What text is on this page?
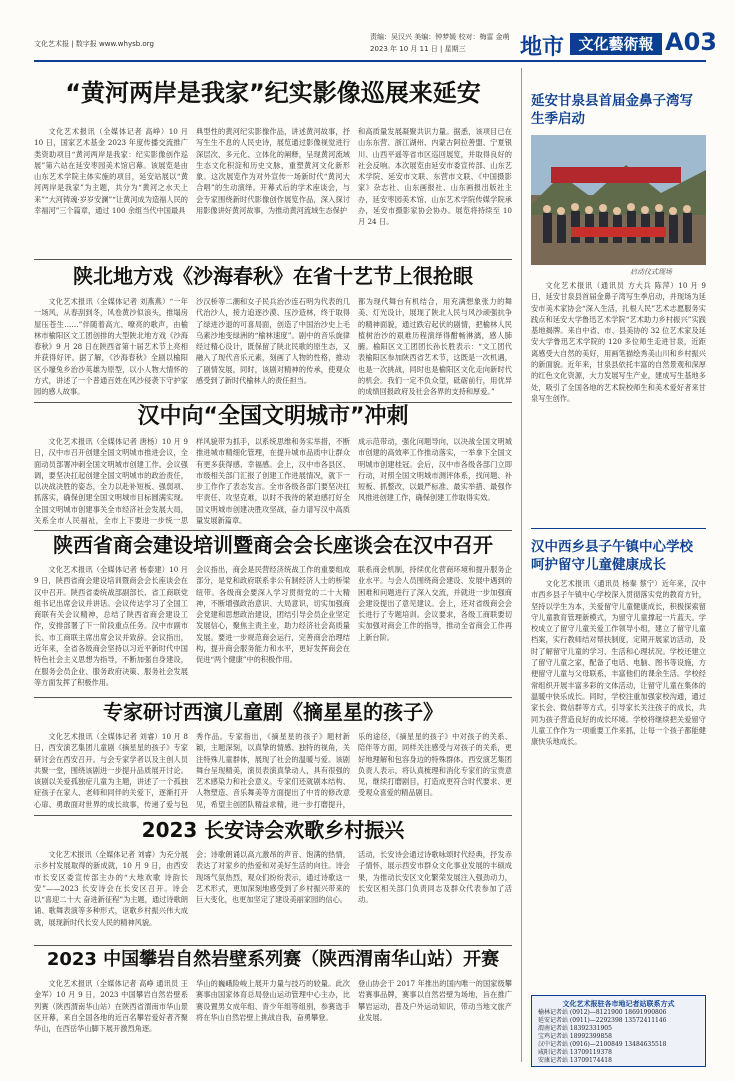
文化艺术报 | 数字报 www.whysb.org
责编：吴汉兴 美编：钟梦媛 校对：梅雷 金萌
2023 年 10 月 11 日 | 星期三 地市 文化藝術報 A03
“黄河两岸是我家”纪实影像巡展来延安
文化艺术报讯（全媒体记者 高峥）10 月 10 日，国家艺术基金 2023 年度传播交流推广类资助项目“黄河两岸是我家：纪实影像创作巡展”第六站在延安枣园美术馆启幕。该展览是由山东艺术学院主体实施的项目，延安站展以“黄河两岸是我家”为主题，共分为“黄河之水天上来”“大河铸魂·岁岁安澜”“让黄河成为造福人民的幸福河”三个篇章，通过 100 余组当代中国最具
典型性的黄河纪实影像作品，讲述黄河故事，抒写生生不息的人民史诗，展览通过影像视觉进行深层次、多元化、立体化的阐释，呈现黄河流域生态文化积淀和历史文脉，重塑黄河文化新形象。这次展览作为对外宣传一场新时代“黄河大合唱”的生动演绎。开幕式后的学术座谈会，与会专家围绕新时代影像创作展览作品，深入探讨用影像讲好黄河故事，为推动黄河流域生态保护
和高质量发展凝聚共识力量。据悉，该项目已在山东东营、浙江湖州、内蒙古阿拉善盟、宁夏银川、山西平遥等省市区巡回展览，并取得良好的社会反响。本次展览由延安市委宣传部、山东艺术学院、延安市文联、东营市文联、《中国摄影家》杂志社、山东画报社、山东画报出版社主办，延安枣园美术馆、山东艺术学院传媒学院承办，延安市摄影家协会协办。展览将持续至 10 月 24 日。
陕北地方戏《沙海春秋》在省十艺节上很抢眼
文化艺术报讯（全媒体记者 刘燕燕）“一年一场风，从春刮到冬，风卷黄沙似浪头，推塌房屋压苍生……”伴随着高亢、嘹亮的歌声，由榆林市榆阳区文工团创排的大型陕北地方戏《沙海春秋》9 月 28 日在陕西省第十届艺术节上亮相并获得好评。据了解，《沙海春秋》全剧以榆阳区小壕兔乡治沙英雄为原型，以小人物大情怀的方式，讲述了一个普通百姓在风沙侵袭下守护家园的感人故事。
沙汉桥等二潮和女子民兵治沙连石明为代表的几代治沙人，接力追逐沙漠、压沙造林，终于取得了绿进沙退的可喜局面，创造了中国治沙史上毛乌素沙地变绿洲的“榆林速度”。剧中的音乐旋律经过精心设计，既保留了陕北民歌的原生态，又融入了现代音乐元素，刻画了人物的性格，推动了剧情发展，同时，该剧对精神的传承，使观众感受到了新时代榆林人的责任担当。
都为现代舞台有机结合，用充满想象张力的舞美、灯光设计，展现了陕北人民与风沙顽强抗争的精神面貌，通过跌宕起伏的剧情，把榆林人民植树治沙的艰难历程演绎得酣畅淋漓，感人肺腑。榆阳区文工团团长孙长胜表示：“文工团代表榆阳区参加陕西省艺术节，这既是一次机遇，也是一次挑战，同时也是榆阳区文化走向新时代的机会。我们一定不负众望，砥砺前行，用优异的成绩回报政府及社会各界的支持和厚爱。”
汉中向“全国文明城市”冲刺
文化艺术报讯（全媒体记者 唐杨）10 月 9 日，汉中市召开创建全国文明城市推进会议，全面动员部署冲刺全国文明城市创建工作。会议强调，要坚决扛起创建全国文明城市的政治责任，以决战决胜的姿态，全力以赴补短板、强弱项、抓落实，确保创建全国文明城市目标圆满实现。全国文明城市创建事关全市经济社会发展大局，关系全市人民福祉，全市上下要进一步统一思
样风貌带为抓手，以系统思维和务实举措，不断推进城市精细化管理，在提升城市品质中让群众有更多获得感、幸福感。会上，汉中市各县区、市级相关部门汇报了创建工作进展情况，就下一步工作作了表态发言。全市各级各部门要坚决扛牢责任、攻坚克难，以时不我待的紧迫感打好全国文明城市创建决胜攻坚战，奋力谱写汉中高质量发展新篇章。
成示范带动，强化问题导向，以决战全国文明城市创建的高效率工作推动落实，一举拿下全国文明城市创建桂冠。会后，汉中市各级各部门立即行动，对照全国文明城市测评体系，找问题、补短板、抓整改，以最严标准、最实举措、最强作风推进创建工作，确保创建工作取得实效。
陕西省商会建设培训暨商会会长座谈会在汉中召开
文化艺术报讯（全媒体记者 杨泰建）10 月 9 日，陕西省商会建设培训暨商会会长座谈会在汉中召开。陕西省委统战部副部长、省工商联党组书记出席会议并讲话。会议传达学习了全国工商联有关会议精神，总结了陕西省商会建设工作，安排部署了下一阶段重点任务。汉中市副市长、市工商联主席出席会议并致辞。会议指出，近年来，全省各级商会坚持以习近平新时代中国特色社会主义思想为指导，不断加强自身建设，在服务会员企业、服务政府决策、服务社会发展等方面发挥了积极作用。
会议指出，商会是民营经济统战工作的重要组成部分，是党和政府联系非公有制经济人士的桥梁纽带。各级商会要深入学习贯彻党的二十大精神，不断增强政治意识、大局意识，切实加强商会党建和思想政治建设，团结引导会员企业坚定发展信心，聚焦主责主业，助力经济社会高质量发展。要进一步规范商会运行，完善商会治理结构，提升商会服务能力和水平，更好发挥商会在促进“两个健康”中的积极作用。
联系商会机制，持续优化营商环境和提升服务企业水平。与会人员围绕商会建设、发展中遇到的困难和问题进行了深入交流，并就进一步加强商会建设提出了意见建议。会上，还对省级商会会长进行了专题培训。会议要求，各级工商联要切实加强对商会工作的指导，推动全省商会工作再上新台阶。
专家研讨西演儿童剧《摘星星的孩子》
文化艺术报讯（全媒体记者 刘睿）10 月 8 日，西安演艺集团儿童剧《摘星星的孩子》专家研讨会在西安召开。与会专家学者以及主创人员共聚一堂，围绕该剧进一步提升品质展开讨论。该剧以关爱孤独症儿童为主题，讲述了一个孤独症孩子在家人、老师和同伴的关爱下，逐渐打开心扉、勇敢面对世界的成长故事，传递了爱与包
秀作品。专家指出，《摘星星的孩子》题材新颖，主题深刻，以真挚的情感、独特的视角，关注特殊儿童群体，展现了社会的温暖与爱。该剧舞台呈现精美，演员表演真挚动人，具有很强的艺术感染力和社会意义。专家们还就剧本结构、人物塑造、音乐舞美等方面提出了中肯的修改意见，希望主创团队精益求精，进一步打磨提升，
乐的途径，《摘星星的孩子》中对孩子的关系、陪伴等方面，同样关注感受与对孩子的关系，更好地理解和包容身边的特殊群体。西安演艺集团负责人表示，将认真梳理和消化专家们的宝贵意见，继续打磨剧目，打造成更符合时代要求、更受观众喜爱的精品剧目。
2023 长安诗会欢歌乡村振兴
文化艺术报讯（全媒体记者 刘睿）为充分展示乡村发展取得的新成就，10 月 9 日，由西安市长安区委宣传部主办的“大地欢歌 诗韵长安”——2023 长安诗会在长安区召开。诗会以“喜迎二十大 奋进新征程”为主题，通过诗歌朗诵、歌舞表演等多种形式，讴歌乡村振兴伟大成就，展现新时代长安人民的精神风貌。
会；诗歌朗诵以高亢激昂的声音、饱满的热情，表达了对家乡的热爱和对美好生活的向往。诗会现场气氛热烈，观众们纷纷表示，通过诗歌这一艺术形式，更加深刻地感受到了乡村振兴带来的巨大变化，也更加坚定了建设美丽家园的信心。
活动，长安诗会通过诗歌咏颂时代经典，抒发赤子情怀，展示西安市群众文化事业发展的丰硕成果，为推动长安区文化繁荣发展注入强劲动力，长安区相关部门负责同志及群众代表参加了活动。
2023 中国攀岩自然岩壁系列赛（陕西渭南华山站）开赛
文化艺术报讯（全媒体记者 高峥 通讯员 王金军）10 月 9 日，2023 中国攀岩自然岩壁系列赛（陕西渭南华山站）在陕西省渭南市华山景区开幕，来自全国各地的近百名攀岩爱好者齐聚华山，在西岳华山脚下展开激烈角逐。
华山的巍峨险峻上展开力量与技巧的较量。此次赛事由国家体育总局登山运动管理中心主办，比赛设置男女成年组、青少年组等组别，参赛选手将在华山自然岩壁上挑战自我，奋勇攀登。
登山协会于 2017 年推出的国内唯一的国家级攀岩赛事品牌，赛事以自然岩壁为场地，旨在推广攀岩运动，普及户外运动知识，带动当地文旅产业发展。
延安甘泉县首届金鼻子湾写生季启动
启动仪式现场
文化艺术报讯（通讯员 方大兵 陈萍）10 月 9 日，延安甘泉县首届金鼻子湾写生季启动，并现场为延安市美术家协会“深入生活，扎根人民”艺术志愿服务实践点和延安大学鲁迅艺术学院“艺术助力乡村振兴”实践基地揭牌。来自中省、市、县美协的 32 位艺术家及延安大学鲁迅艺术学院的 120 多位师生走进甘泉，近距离感受大自然的美好，用画笔描绘秀美山川和乡村振兴的新面貌。近年来，甘泉县依托丰富的自然景观和深厚的红色文化资源，大力发展写生产业，建成写生基地多处，吸引了全国各地的艺术院校师生和美术爱好者来甘泉写生创作。
汉中西乡县子午镇中心学校呵护留守儿童健康成长
文化艺术报讯（通讯员 杨秦 蔡宁）近年来，汉中市西乡县子午镇中心学校深入贯彻落实党的教育方针，坚持以学生为本，关爱留守儿童健康成长，积极探索留守儿童教育管理新模式，为留守儿童撑起一片蓝天。学校成立了留守儿童关爱工作领导小组，建立了留守儿童档案，实行教师结对帮扶制度，定期开展家访活动，及时了解留守儿童的学习、生活和心理状况。学校还建立了留守儿童之家，配备了电话、电脑、图书等设施，方便留守儿童与父母联系，丰富他们的课余生活。学校经常组织开展丰富多彩的文体活动，让留守儿童在集体的温暖中快乐成长。同时，学校注重加强家校沟通，通过家长会、微信群等方式，引导家长关注孩子的成长，共同为孩子营造良好的成长环境。学校将继续把关爱留守儿童工作作为一项重要工作来抓，让每一个孩子都能健康快乐地成长。
文化艺术报驻各市地记者站联系方式
榆林记者站 (0912)—8121900 18691990806
延安记者站 (0911)—2292398 13572411146
渭南记者站 18392331905
宝鸡记者站 18992399858
汉中记者站 (0916)—2100849 13484635518
咸阳记者站 13709119378
安康记者站 13709174418
